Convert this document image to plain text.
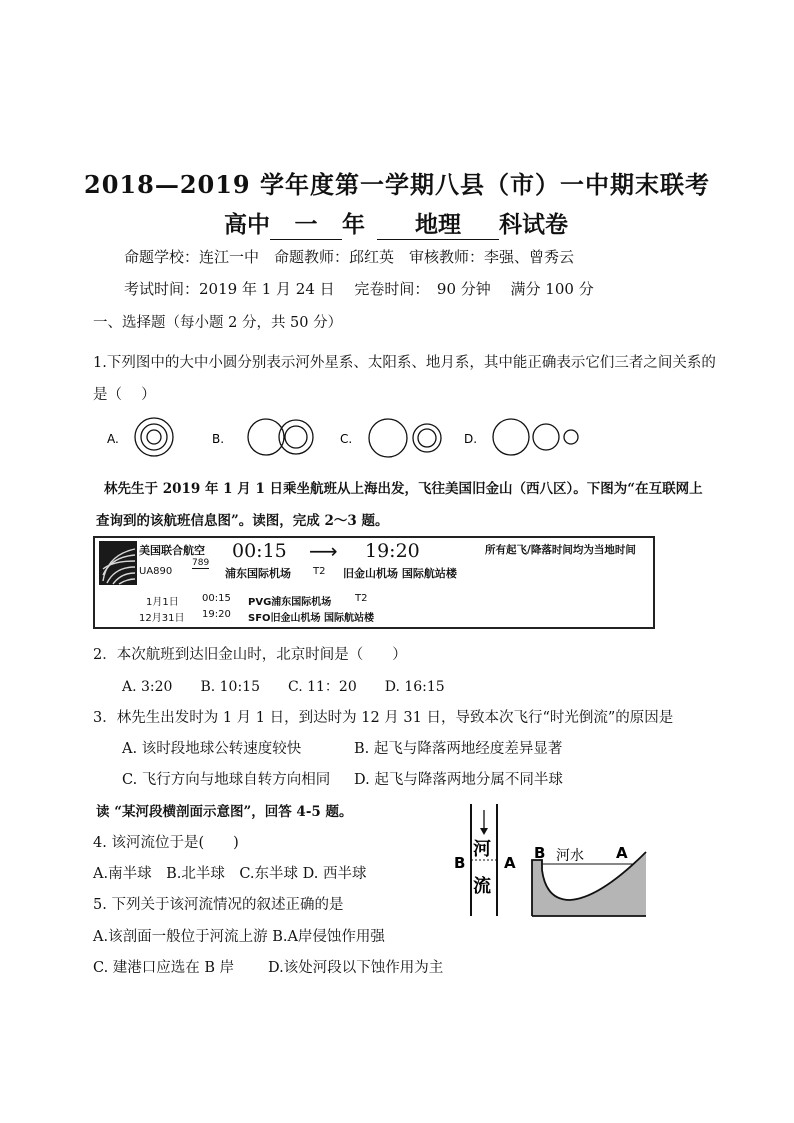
2018—2019 学年度第一学期八县（市）一中期末联考
高中 一 年 地理 科试卷
命题学校：连江一中　命题教师：邱红英　审核教师：李强、曾秀云
考试时间：2019 年 1 月 24 日　 完卷时间：　90 分钟　 满分 100 分
一、选择题（每小题 2 分，共 50 分）
1.下列图中的大中小圆分别表示河外星系、太阳系、地月系，其中能正确表示它们三者之间关系的
是（　 ）
A.	B.	C.	D.
林先生于 2019 年 1 月 1 日乘坐航班从上海出发，飞往美国旧金山（西八区）。下图为“在互联网上
查询到的该航班信息图”。读图，完成 2～3 题。
美国联合航空 00:15 ⟶ 19:20	所有起飞/降落时间均为当地时间
UA890
789
浦东国际机场 T2 旧金山机场 国际航站楼
1月1日 00:15 PVG浦东国际机场 T2
12月31日 19:20 SFO旧金山机场 国际航站楼
2．本次航班到达旧金山时，北京时间是（　　）
A. 3:20　　B. 10:15　　C. 11：20　　D. 16:15
3．林先生出发时为 1 月 1 日，到达时为 12 月 31 日，导致本次飞行“时光倒流”的原因是
A. 该时段地球公转速度较快	B. 起飞与降落两地经度差异显著
C. 飞行方向与地球自转方向相同 D. 起飞与降落两地分属不同半球
读 “某河段横剖面示意图”，回答 4-5 题。
4. 该河流位于是(　　)
A.南半球　B.北半球　C.东半球 D. 西半球
5. 下列关于该河流情况的叙述正确的是
A.该剖面一般位于河流上游 B.A岸侵蚀作用强
C. 建港口应选在 B 岸 D.该处河段以下蚀作用为主
河
流
B	A
B	A
河水
